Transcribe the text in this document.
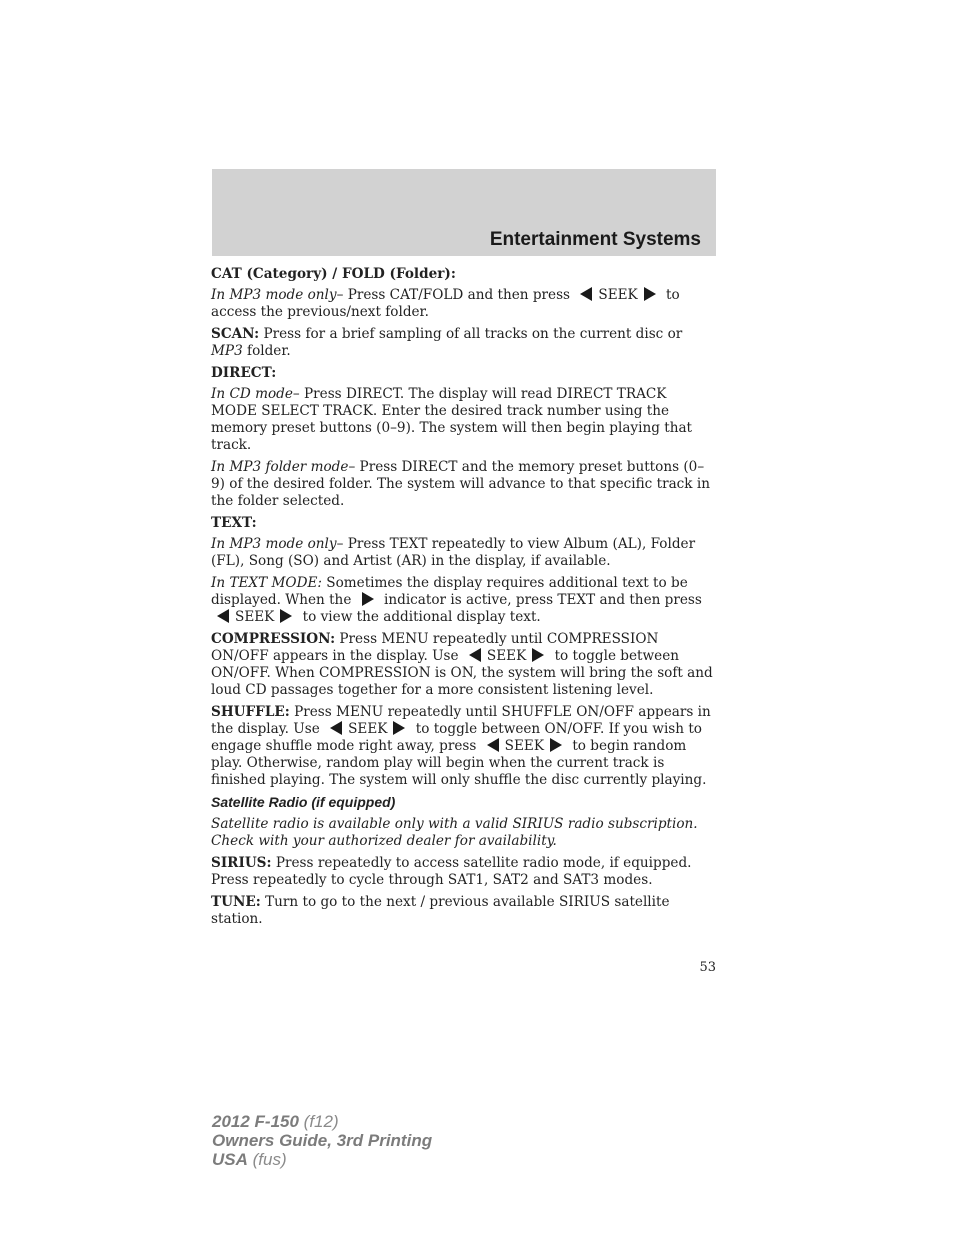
Entertainment Systems

CAT (Category) / FOLD (Folder):

In MP3 mode only– Press CAT/FOLD and then press SEEK to access the previous/next folder.

SCAN: Press for a brief sampling of all tracks on the current disc or MP3 folder.

DIRECT:

In CD mode– Press DIRECT. The display will read DIRECT TRACK MODE SELECT TRACK. Enter the desired track number using the memory preset buttons (0–9). The system will then begin playing that track.

In MP3 folder mode– Press DIRECT and the memory preset buttons (0–9) of the desired folder. The system will advance to that specific track in the folder selected.

TEXT:

In MP3 mode only– Press TEXT repeatedly to view Album (AL), Folder (FL), Song (SO) and Artist (AR) in the display, if available.

In TEXT MODE: Sometimes the display requires additional text to be displayed. When the indicator is active, press TEXT and then press SEEK to view the additional display text.

COMPRESSION: Press MENU repeatedly until COMPRESSION ON/OFF appears in the display. Use SEEK to toggle between ON/OFF. When COMPRESSION is ON, the system will bring the soft and loud CD passages together for a more consistent listening level.

SHUFFLE: Press MENU repeatedly until SHUFFLE ON/OFF appears in the display. Use SEEK to toggle between ON/OFF. If you wish to engage shuffle mode right away, press SEEK to begin random play. Otherwise, random play will begin when the current track is finished playing. The system will only shuffle the disc currently playing.

Satellite Radio (if equipped)

Satellite radio is available only with a valid SIRIUS radio subscription. Check with your authorized dealer for availability.

SIRIUS: Press repeatedly to access satellite radio mode, if equipped. Press repeatedly to cycle through SAT1, SAT2 and SAT3 modes.

TUNE: Turn to go to the next / previous available SIRIUS satellite station.

53
2012 F-150 (f12)
Owners Guide, 3rd Printing
USA (fus)
